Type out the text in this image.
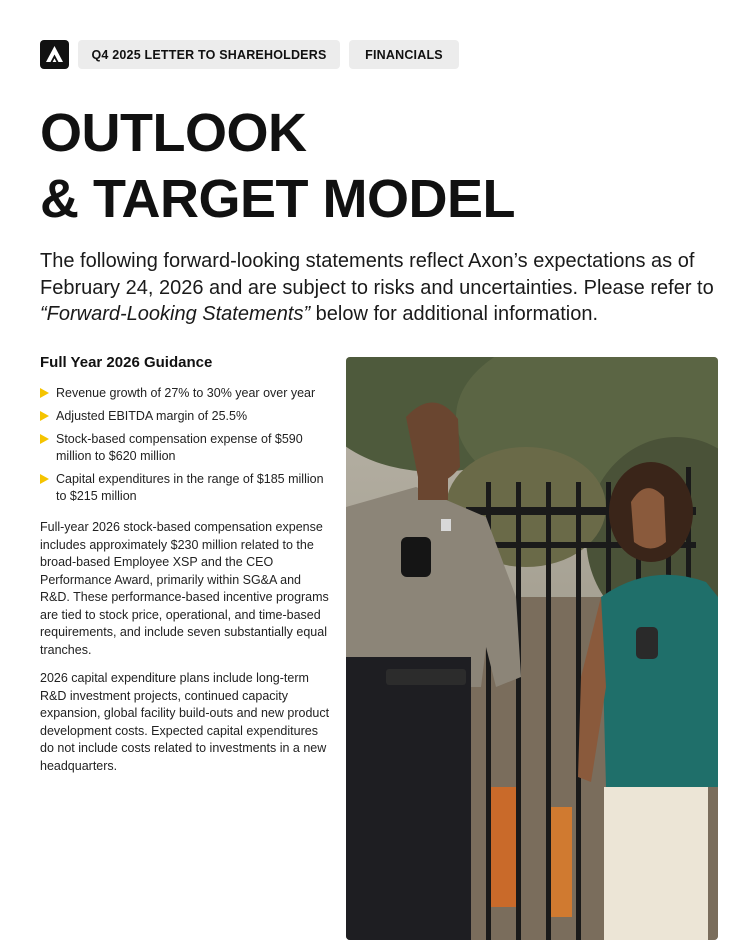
Q4 2025 LETTER TO SHAREHOLDERS	FINANCIALS
OUTLOOK
& TARGET MODEL

The following forward-looking statements reflect Axon’s expectations as of February 24, 2026 and are subject to risks and uncertainties. Please refer to “Forward-Looking Statements” below for additional information.

Full Year 2026 Guidance
Revenue growth of 27% to 30% year over year
Adjusted EBITDA margin of 25.5%
Stock-based compensation expense of $590 million to $620 million
Capital expenditures in the range of $185 million to $215 million

Full-year 2026 stock-based compensation expense includes approximately $230 million related to the broad-based Employee XSP and the CEO Performance Award, primarily within SG&A and R&D. These performance-based incentive programs are tied to stock price, operational, and time-based requirements, and include seven substantially equal tranches.

2026 capital expenditure plans include long-term R&D investment projects, continued capacity expansion, global facility build-outs and new product development costs. Expected capital expenditures do not include costs related to investments in a new headquarters.
